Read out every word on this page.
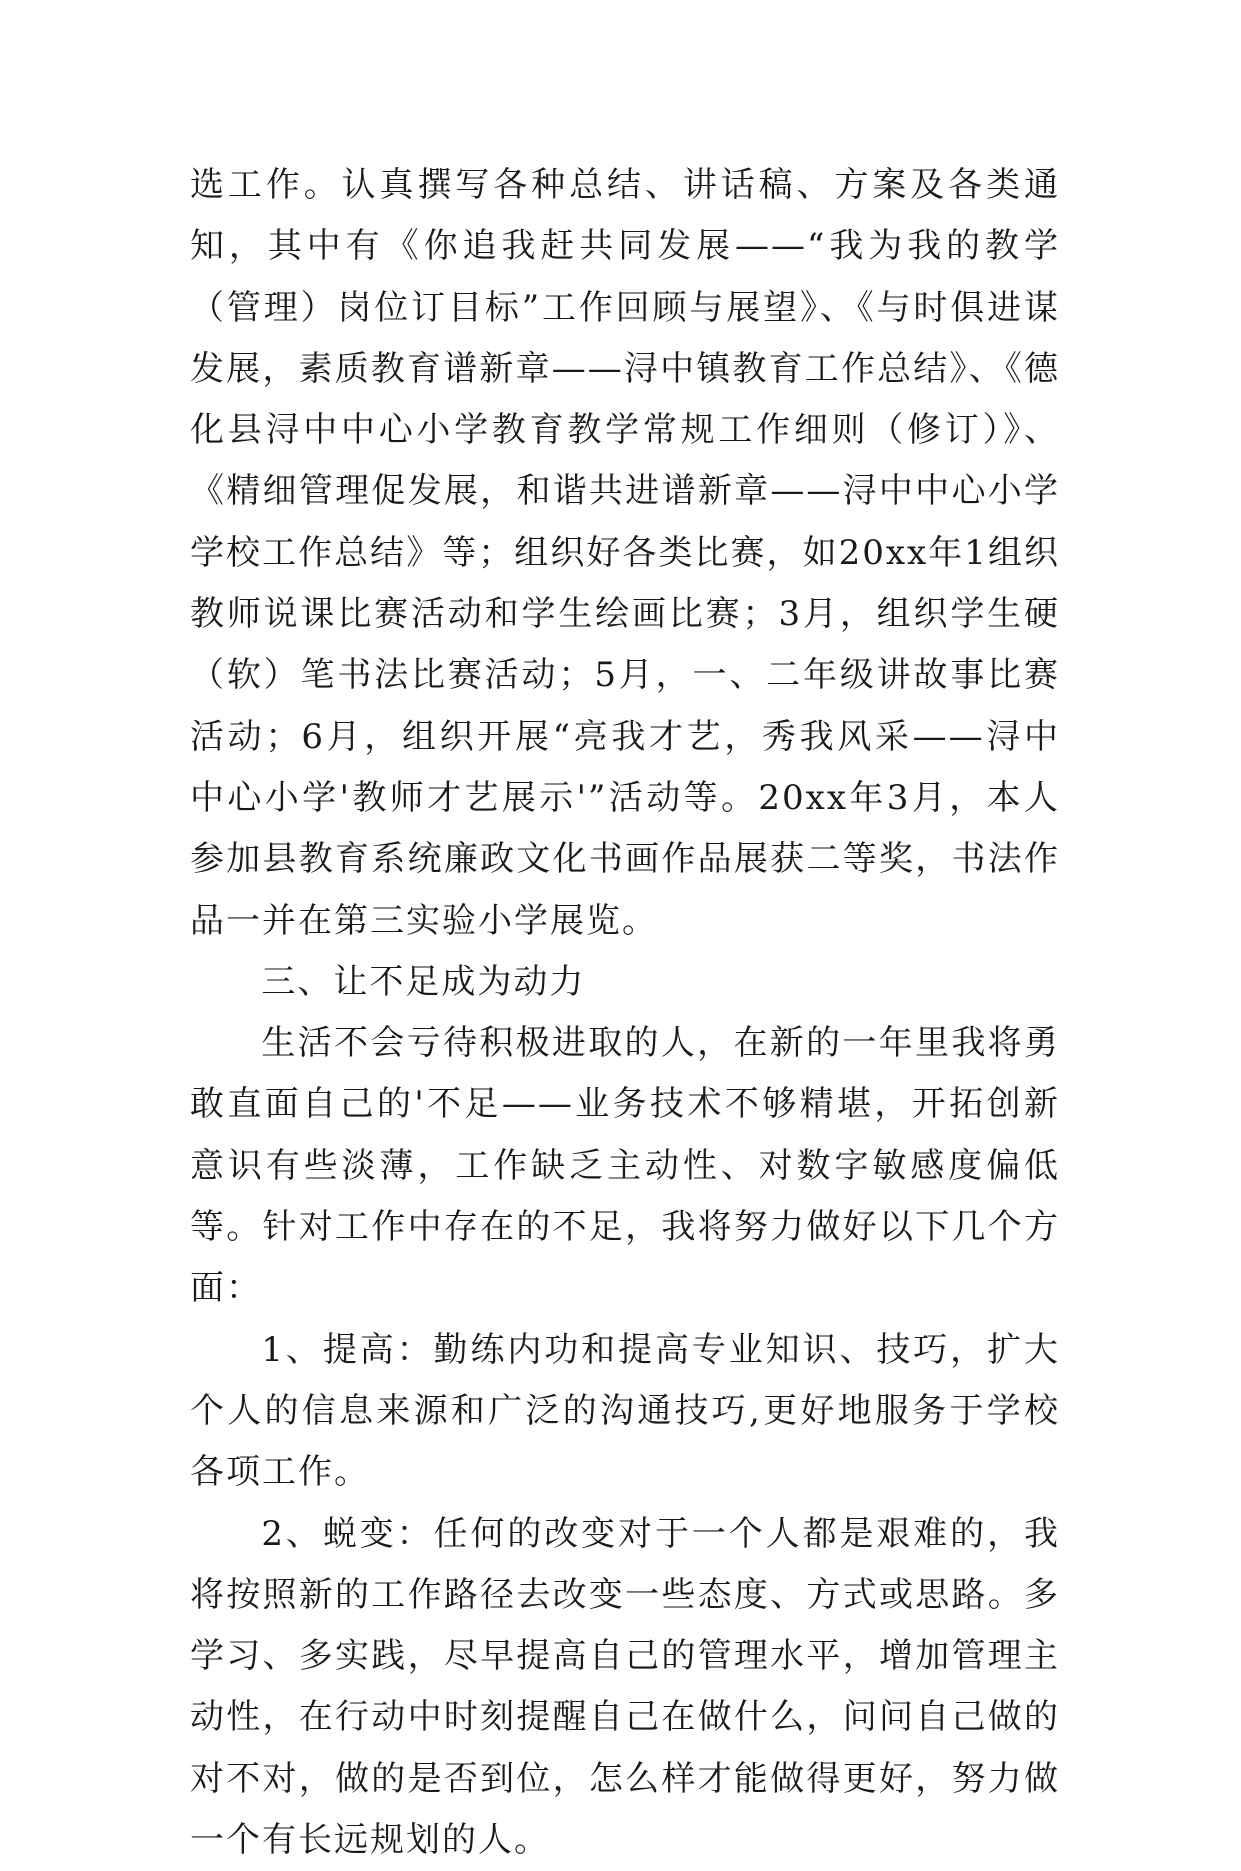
选工作。认真撰写各种总结、讲话稿、方案及各类通知，其中有《你追我赶共同发展——“我为我的教学（管理）岗位订目标”工作回顾与展望》、《与时俱进谋发展，素质教育谱新章——浔中镇教育工作总结》、《德化县浔中中心小学教育教学常规工作细则（修订）》、《精细管理促发展，和谐共进谱新章——浔中中心小学学校工作总结》等；组织好各类比赛，如20xx年1组织教师说课比赛活动和学生绘画比赛；3月，组织学生硬（软）笔书法比赛活动；5月，一、二年级讲故事比赛活动；6月，组织开展“亮我才艺，秀我风采——浔中中心小学'教师才艺展示'”活动等。20xx年3月，本人参加县教育系统廉政文化书画作品展获二等奖，书法作品一并在第三实验小学展览。

三、让不足成为动力

生活不会亏待积极进取的人，在新的一年里我将勇敢直面自己的'不足——业务技术不够精堪，开拓创新意识有些淡薄，工作缺乏主动性、对数字敏感度偏低等。针对工作中存在的不足，我将努力做好以下几个方面：

1、提高：勤练内功和提高专业知识、技巧，扩大个人的信息来源和广泛的沟通技巧,更好地服务于学校各项工作。

2、蜕变：任何的改变对于一个人都是艰难的，我将按照新的工作路径去改变一些态度、方式或思路。多学习、多实践，尽早提高自己的管理水平，增加管理主动性，在行动中时刻提醒自己在做什么，问问自己做的对不对，做的是否到位，怎么样才能做得更好，努力做一个有长远规划的人。
